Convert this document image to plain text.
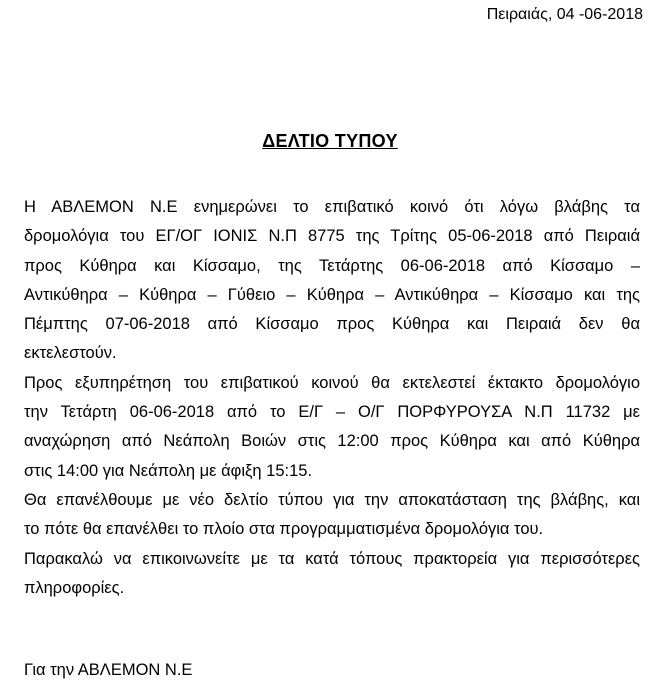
Πειραιάς, 04 -06-2018
ΔΕΛΤΙΟ ΤΥΠΟΥ
Η ΑΒΛΕΜΟΝ Ν.Ε ενημερώνει το επιβατικό κοινό ότι λόγω βλάβης τα
δρομολόγια του ΕΓ/ΟΓ ΙΟΝΙΣ Ν.Π 8775 της Τρίτης 05-06-2018 από Πειραιά
προς Κύθηρα και Κίσσαμο, της Τετάρτης 06-06-2018 από Κίσσαμο –
Αντικύθηρα – Κύθηρα – Γύθειο – Κύθηρα – Αντικύθηρα – Κίσσαμο και της
Πέμπτης 07-06-2018 από Κίσσαμο προς Κύθηρα και Πειραιά δεν θα
εκτελεστούν.
Προς εξυπηρέτηση του επιβατικού κοινού θα εκτελεστεί έκτακτο δρομολόγιο
την Τετάρτη 06-06-2018 από το Ε/Γ – Ο/Γ ΠΟΡΦΥΡΟΥΣΑ Ν.Π 11732 με
αναχώρηση από Νεάπολη Βοιών στις 12:00 προς Κύθηρα και από Κύθηρα
στις 14:00 για Νεάπολη με άφιξη 15:15.
Θα επανέλθουμε με νέο δελτίο τύπου για την αποκατάσταση της βλάβης, και
το πότε θα επανέλθει το πλοίο στα προγραμματισμένα δρομολόγια του.
Παρακαλώ να επικοινωνείτε με τα κατά τόπους πρακτορεία για περισσότερες
πληροφορίες.
Για την ΑΒΛΕΜΟΝ Ν.Ε
